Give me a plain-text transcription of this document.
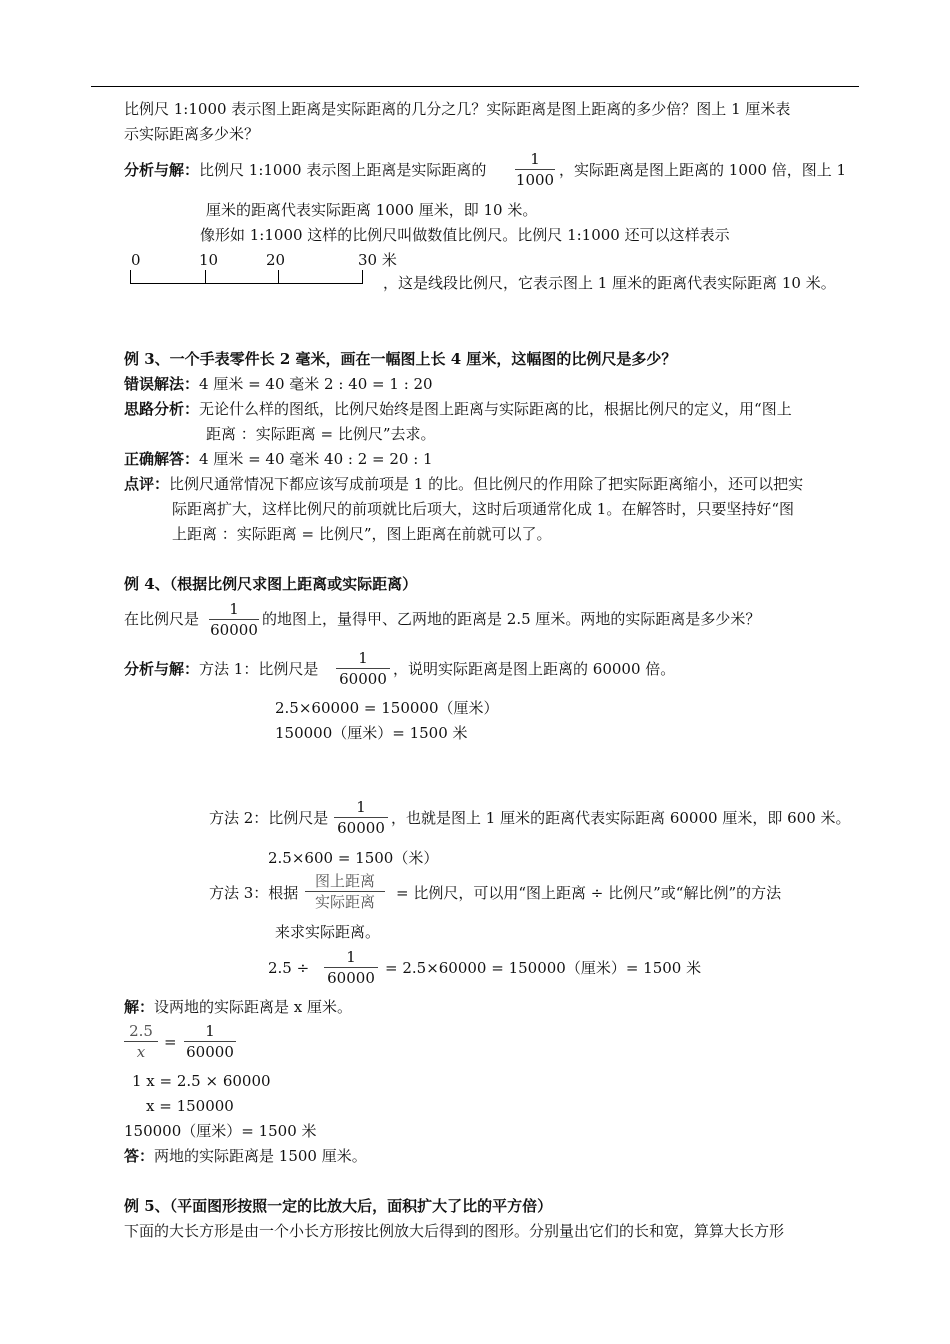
比例尺 1:1000 表示图上距离是实际距离的几分之几？实际距离是图上距离的多少倍？图上 1 厘米表
示实际距离多少米？
分析与解：比例尺 1:1000 表示图上距离是实际距离的
1
1000
，实际距离是图上距离的 1000 倍，图上 1
厘米的距离代表实际距离 1000 厘米，即 10 米。
像形如 1:1000 这样的比例尺叫做数值比例尺。比例尺 1:1000 还可以这样表示
0	10	20	30 米
，这是线段比例尺，它表示图上 1 厘米的距离代表实际距离 10 米。
例 3、一个手表零件长 2 毫米，画在一幅图上长 4 厘米，这幅图的比例尺是多少？
错误解法：4 厘米 = 40 毫米 2 : 40 = 1 : 20
思路分析：无论什么样的图纸，比例尺始终是图上距离与实际距离的比，根据比例尺的定义，用“图上
距离 ：实际距离 = 比例尺”去求。
正确解答：4 厘米 = 40 毫米 40 : 2 = 20 : 1
点评：比例尺通常情况下都应该写成前项是 1 的比。但比例尺的作用除了把实际距离缩小，还可以把实
际距离扩大，这样比例尺的前项就比后项大，这时后项通常化成 1。在解答时，只要坚持好“图
上距离 ：实际距离 = 比例尺”，图上距离在前就可以了。
例 4、（根据比例尺求图上距离或实际距离）
在比例尺是
1
60000
的地图上，量得甲、乙两地的距离是 2.5 厘米。两地的实际距离是多少米？
分析与解：方法 1：比例尺是
1
60000
，说明实际距离是图上距离的 60000 倍。
2.5×60000 = 150000（厘米）
150000（厘米）= 1500 米
方法 2：比例尺是
1
60000
，也就是图上 1 厘米的距离代表实际距离 60000 厘米，即 600 米。
2.5×600 = 1500（米）
方法 3：根据
图上距离
实际距离	= 比例尺，可以用“图上距离 ÷ 比例尺”或“解比例”的方法
来求实际距离。
2.5 ÷
1
60000
= 2.5×60000 = 150000（厘米）= 1500 米
解：设两地的实际距离是 x 厘米。
2.5
x
=
1
60000
1 x = 2.5 × 60000
x = 150000
150000（厘米）= 1500 米
答：两地的实际距离是 1500 厘米。
例 5、（平面图形按照一定的比放大后，面积扩大了比的平方倍）
下面的大长方形是由一个小长方形按比例放大后得到的图形。分别量出它们的长和宽，算算大长方形
